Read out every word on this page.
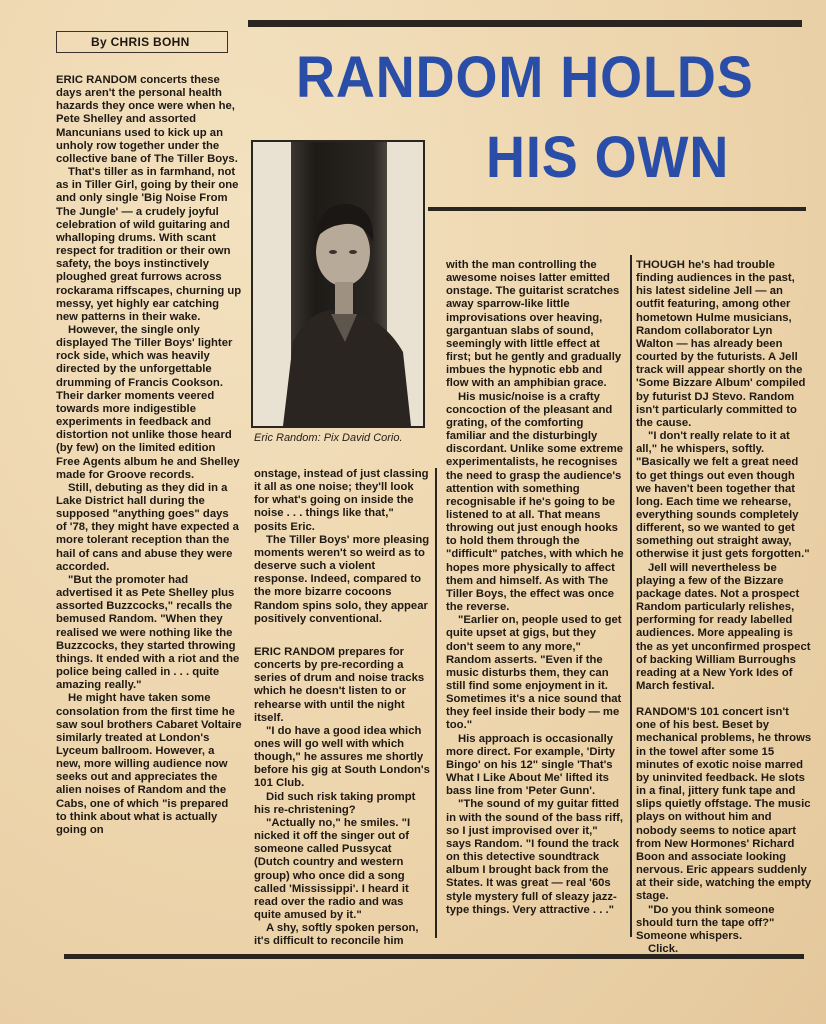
By CHRIS BOHN
RANDOM HOLDS
HIS OWN
Eric Random: Pix David Corio.

ERIC RANDOM concerts these days aren't the personal health hazards they once were when he, Pete Shelley and assorted Mancunians used to kick up an unholy row together under the collective bane of The Tiller Boys.

That's tiller as in farmhand, not as in Tiller Girl, going by their one and only single 'Big Noise From The Jungle' — a crudely joyful celebration of wild guitaring and whalloping drums. With scant respect for tradition or their own safety, the boys instinctively ploughed great furrows across rockarama riffscapes, churning up messy, yet highly ear catching new patterns in their wake.

However, the single only displayed The Tiller Boys' lighter rock side, which was heavily directed by the unforgettable drumming of Francis Cookson. Their darker moments veered towards more indigestible experiments in feedback and distortion not unlike those heard (by few) on the limited edition Free Agents album he and Shelley made for Groove records.

Still, debuting as they did in a Lake District hall during the supposed "anything goes" days of '78, they might have expected a more tolerant reception than the hail of cans and abuse they were accorded.

"But the promoter had advertised it as Pete Shelley plus assorted Buzzcocks," recalls the bemused Random. "When they realised we were nothing like the Buzzcocks, they started throwing things. It ended with a riot and the police being called in . . . quite amazing really."

He might have taken some consolation from the first time he saw soul brothers Cabaret Voltaire similarly treated at London's Lyceum ballroom. However, a new, more willing audience now seeks out and appreciates the alien noises of Random and the Cabs, one of which "is prepared to think about what is actually going on

onstage, instead of just classing it all as one noise; they'll look for what's going on inside the noise . . . things like that," posits Eric.

The Tiller Boys' more pleasing moments weren't so weird as to deserve such a violent response. Indeed, compared to the more bizarre cocoons Random spins solo, they appear positively conventional.

ERIC RANDOM prepares for concerts by pre-recording a series of drum and noise tracks which he doesn't listen to or rehearse with until the night itself.

"I do have a good idea which ones will go well with which though," he assures me shortly before his gig at South London's 101 Club.

Did such risk taking prompt his re-christening?

"Actually no," he smiles. "I nicked it off the singer out of someone called Pussycat (Dutch country and western group) who once did a song called 'Mississippi'. I heard it read over the radio and was quite amused by it."

A shy, softly spoken person, it's difficult to reconcile him

with the man controlling the awesome noises latter emitted onstage. The guitarist scratches away sparrow-like little improvisations over heaving, gargantuan slabs of sound, seemingly with little effect at first; but he gently and gradually imbues the hypnotic ebb and flow with an amphibian grace.

His music/noise is a crafty concoction of the pleasant and grating, of the comforting familiar and the disturbingly discordant. Unlike some extreme experimentalists, he recognises the need to grasp the audience's attention with something recognisable if he's going to be listened to at all. That means throwing out just enough hooks to hold them through the "difficult" patches, with which he hopes more physically to affect them and himself. As with The Tiller Boys, the effect was once the reverse.

"Earlier on, people used to get quite upset at gigs, but they don't seem to any more," Random asserts. "Even if the music disturbs them, they can still find some enjoyment in it. Sometimes it's a nice sound that they feel inside their body — me too."

His approach is occasionally more direct. For example, 'Dirty Bingo' on his 12" single 'That's What I Like About Me' lifted its bass line from 'Peter Gunn'.

"The sound of my guitar fitted in with the sound of the bass riff, so I just improvised over it," says Random. "I found the track on this detective soundtrack album I brought back from the States. It was great — real '60s style mystery full of sleazy jazz-type things. Very attractive . . ."

THOUGH he's had trouble finding audiences in the past, his latest sideline Jell — an outfit featuring, among other hometown Hulme musicians, Random collaborator Lyn Walton — has already been courted by the futurists. A Jell track will appear shortly on the 'Some Bizzare Album' compiled by futurist DJ Stevo. Random isn't particularly committed to the cause.

"I don't really relate to it at all," he whispers, softly. "Basically we felt a great need to get things out even though we haven't been together that long. Each time we rehearse, everything sounds completely different, so we wanted to get something out straight away, otherwise it just gets forgotten."

Jell will nevertheless be playing a few of the Bizzare package dates. Not a prospect Random particularly relishes, performing for ready labelled audiences. More appealing is the as yet unconfirmed prospect of backing William Burroughs reading at a New York Ides of March festival.

RANDOM'S 101 concert isn't one of his best. Beset by mechanical problems, he throws in the towel after some 15 minutes of exotic noise marred by uninvited feedback. He slots in a final, jittery funk tape and slips quietly offstage. The music plays on without him and nobody seems to notice apart from New Hormones' Richard Boon and associate looking nervous. Eric appears suddenly at their side, watching the empty stage.

"Do you think someone should turn the tape off?" Someone whispers.

Click.
